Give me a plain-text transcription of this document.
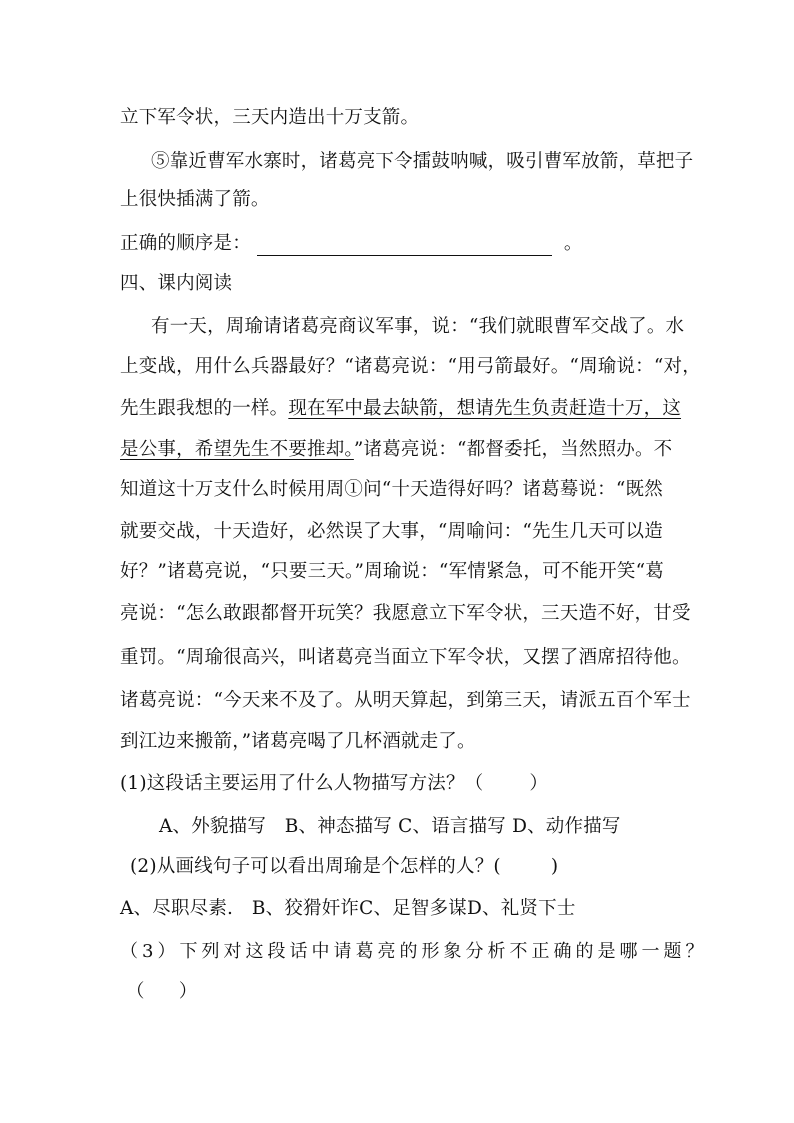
立下军令状，三天内造出十万支箭。
⑤靠近曹军水寨时，诸葛亮下令擂鼓呐喊，吸引曹军放箭，草把子
上很快插满了箭。
正确的顺序是：	。
四、课内阅读
有一天，周瑜请诸葛亮商议军事，说：“我们就眼曹军交战了。水
上变战，用什么兵器最好？“诸葛亮说：“用弓箭最好。“周瑜说：“对，
先生跟我想的一样。现在军中最去缺箭，想请先生负责赶造十万，这
是公事，希望先生不要推却。”诸葛亮说：“都督委托，当然照办。不
知道这十万支什么时候用周①问“十天造得好吗？诸葛蓦说：“既然
就要交战，十天造好，必然误了大事，“周喻问：“先生几天可以造
好？”诸葛亮说，“只要三天。”周瑜说：“军情紧急，可不能开笑“葛
亮说：“怎么敢跟都督开玩笑？我愿意立下军令状，三天造不好，甘受
重罚。“周瑜很高兴，叫诸葛亮当面立下军令状，又摆了酒席招待他。
诸葛亮说：“今天来不及了。从明天算起，到第三天，请派五百个军士
到江边来搬箭，”诸葛亮喝了几杯酒就走了。
(1)这段话主要运用了什么人物描写方法？（ ）
A、外貌描写　B、神态描写 C、语言描写 D、动作描写
(2)从画线句子可以看出周瑜是个怎样的人？(	)
A、尽职尽素.　B、狡猾奸诈C、足智多谋D、礼贤下士
（3）下列对这段话中请葛亮的形象分析不正确的是哪一题？
（ ）
